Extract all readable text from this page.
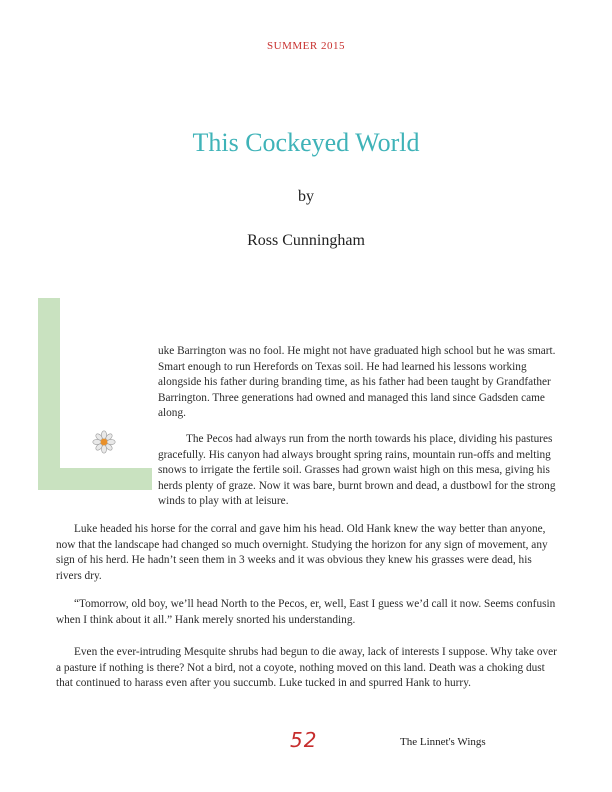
SUMMER 2015
This Cockeyed World
by
Ross Cunningham
uke Barrington was no fool. He might not have graduated high school but he was smart. Smart enough to run Herefords on Texas soil. He had learned his lessons working alongside his father during branding time, as his father had been taught by Grandfather Barrington. Three generations had owned and managed this land since Gadsden came along.
The Pecos had always run from the north towards his place, dividing his pastures gracefully. His canyon had always brought spring rains, mountain run-offs and melting snows to irrigate the fertile soil. Grasses had grown waist high on this mesa, giving his herds plenty of graze. Now it was bare, burnt brown and dead, a dustbowl for the strong winds to play with at leisure.
Luke headed his horse for the corral and gave him his head. Old Hank knew the way better than anyone, now that the landscape had changed so much overnight. Studying the horizon for any sign of movement, any sign of his herd. He hadn’t seen them in 3 weeks and it was obvious they knew his grasses were dead, his rivers dry.
“Tomorrow, old boy, we’ll head North to the Pecos, er, well, East I guess we’d call it now. Seems confusin when I think about it all.” Hank merely snorted his understanding.
Even the ever-intruding Mesquite shrubs had begun to die away, lack of interests I suppose. Why take over a pasture if nothing is there? Not a bird, not a coyote, nothing moved on this land. Death was a choking dust that continued to harass even after you succumb. Luke tucked in and spurred Hank to hurry.
52	The Linnet's Wings
